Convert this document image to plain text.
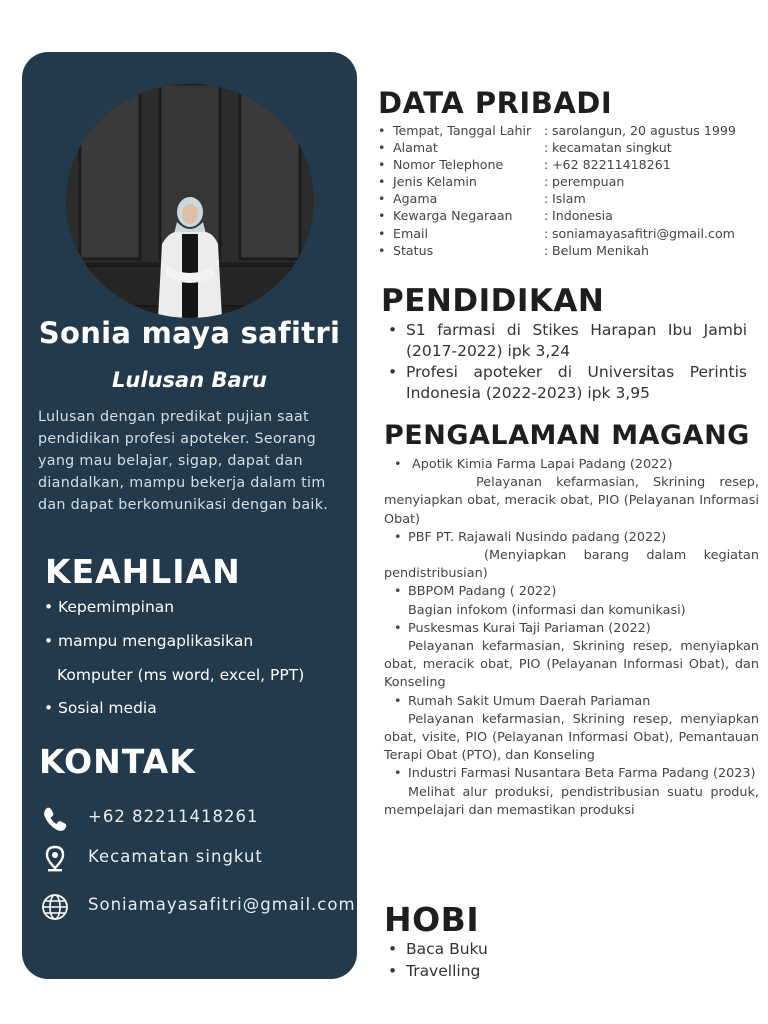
Sonia maya safitri
Lulusan Baru
Lulusan dengan predikat pujian saat pendidikan profesi apoteker. Seorang yang mau belajar, sigap, dapat dan diandalkan, mampu bekerja dalam tim dan dapat berkomunikasi dengan baik.
KEAHLIAN
• Kepemimpinan
• mampu mengaplikasikan
Komputer (ms word, excel, PPT)
• Sosial media
KONTAK
+62 82211418261
Kecamatan singkut
Soniamayasafitri@gmail.com
DATA PRIBADI
• Tempat, Tanggal Lahir : sarolangun, 20 agustus 1999
• Alamat	: kecamatan singkut
• Nomor Telephone	: +62 82211418261
• Jenis Kelamin	: perempuan
• Agama	: Islam
• Kewarga Negaraan : Indonesia
• Email	: soniamayasafitri@gmail.com
• Status	: Belum Menikah
PENDIDIKAN
• S1 farmasi di Stikes Harapan Ibu Jambi (2017-2022) ipk 3,24
• Profesi apoteker di Universitas Perintis Indonesia (2022-2023) ipk 3,95
PENGALAMAN MAGANG
• Apotik Kimia Farma Lapai Padang (2022)
Pelayanan kefarmasian, Skrining resep, menyiapkan obat, meracik obat, PIO (Pelayanan Informasi Obat)
• PBF PT. Rajawali Nusindo padang (2022)
(Menyiapkan barang dalam kegiatan pendistribusian)
• BBPOM Padang ( 2022)
Bagian infokom (informasi dan komunikasi)
• Puskesmas Kurai Taji Pariaman (2022)
Pelayanan kefarmasian, Skrining resep, menyiapkan obat, meracik obat, PIO (Pelayanan Informasi Obat), dan Konseling
• Rumah Sakit Umum Daerah Pariaman
Pelayanan kefarmasian, Skrining resep, menyiapkan obat, visite, PIO (Pelayanan Informasi Obat), Pemantauan Terapi Obat (PTO), dan Konseling
• Industri Farmasi Nusantara Beta Farma Padang (2023)
Melihat alur produksi, pendistribusian suatu produk, mempelajari dan memastikan produksi
HOBI
• Baca Buku
• Travelling
